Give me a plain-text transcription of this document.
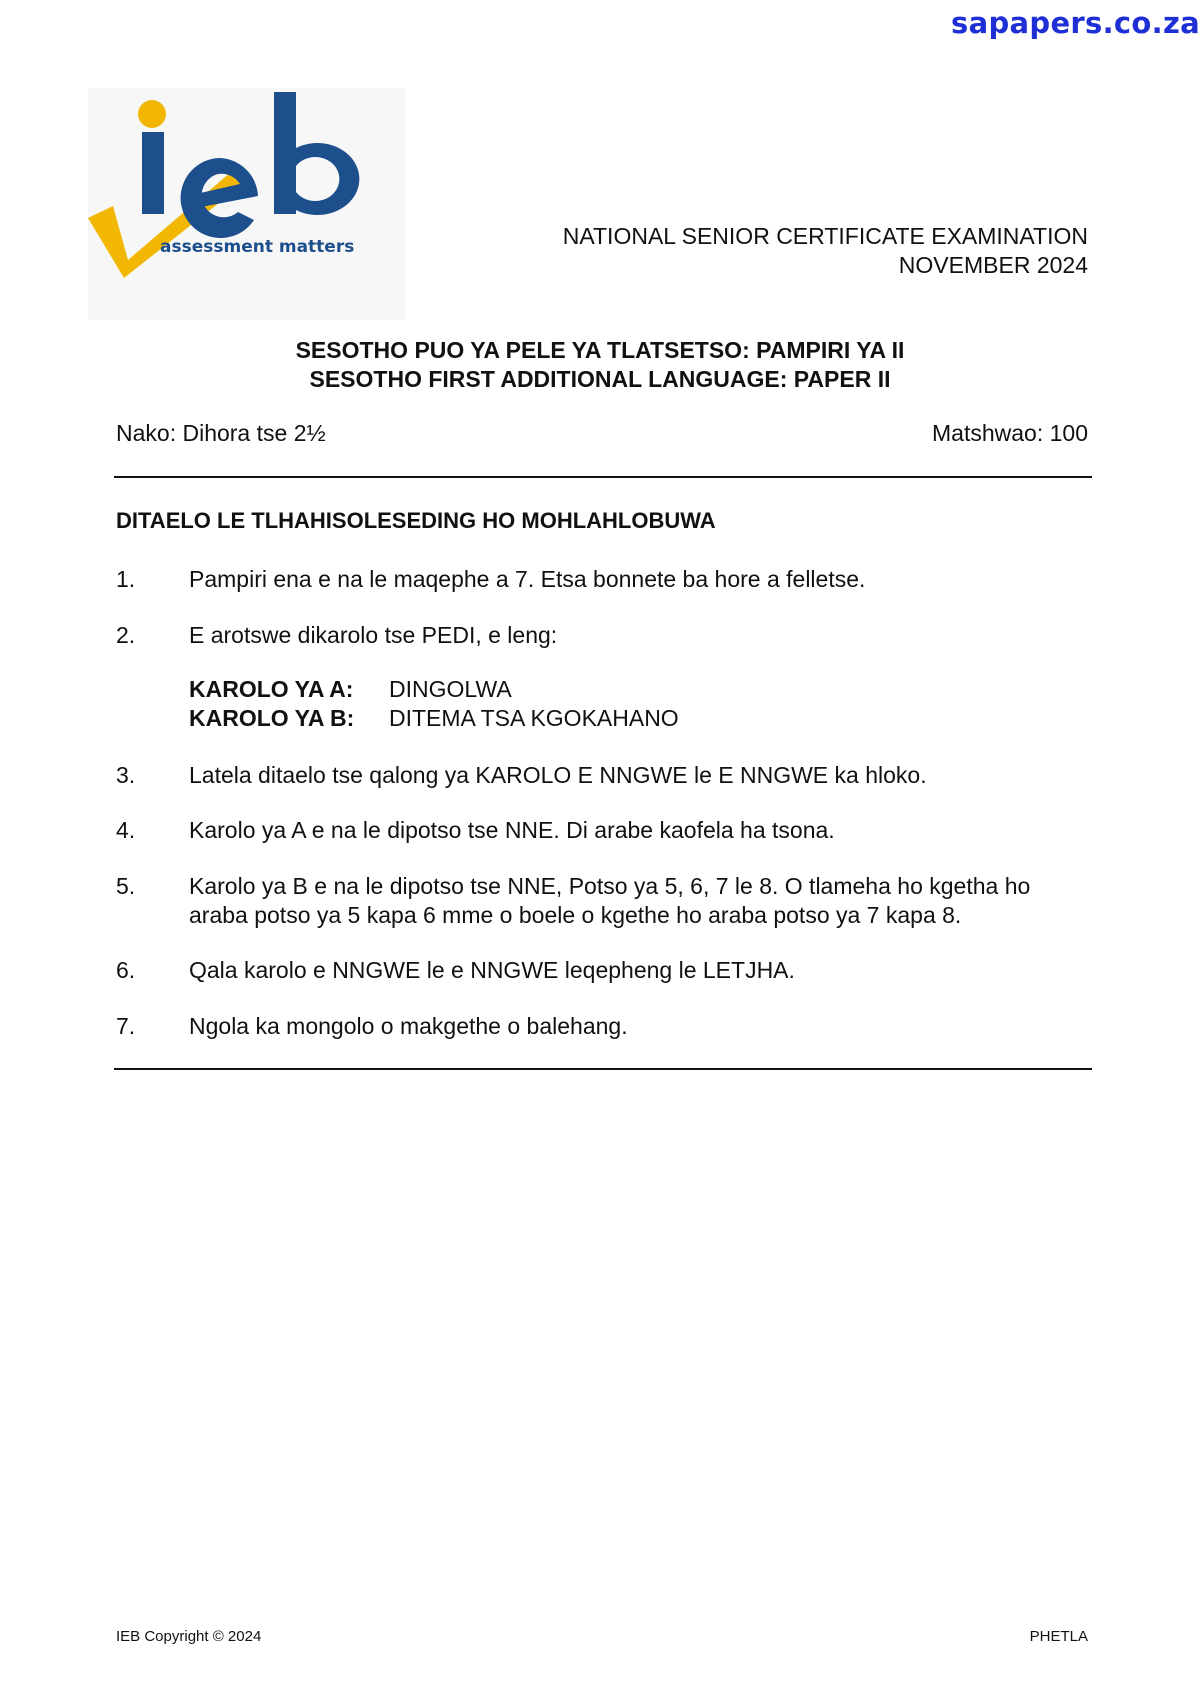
sapapers.co.za
assessment matters	NATIONAL SENIOR CERTIFICATE EXAMINATION
NOVEMBER 2024
SESOTHO PUO YA PELE YA TLATSETSO: PAMPIRI YA II
SESOTHO FIRST ADDITIONAL LANGUAGE: PAPER II
Nako: Dihora tse 2½	Matshwao: 100
DITAELO LE TLHAHISOLESEDING HO MOHLAHLOBUWA
1. Pampiri ena e na le maqephe a 7. Etsa bonnete ba hore a felletse.
2. E arotswe dikarolo tse PEDI, e leng:
KAROLO YA A: DINGOLWA
KAROLO YA B: DITEMA TSA KGOKAHANO
3. Latela ditaelo tse qalong ya KAROLO E NNGWE le E NNGWE ka hloko.
4. Karolo ya A e na le dipotso tse NNE. Di arabe kaofela ha tsona.
5. Karolo ya B e na le dipotso tse NNE, Potso ya 5, 6, 7 le 8. O tlameha ho kgetha ho araba potso ya 5 kapa 6 mme o boele o kgethe ho araba potso ya 7 kapa 8.
6. Qala karolo e NNGWE le e NNGWE leqepheng le LETJHA.
7. Ngola ka mongolo o makgethe o balehang.
IEB Copyright © 2024	PHETLA
